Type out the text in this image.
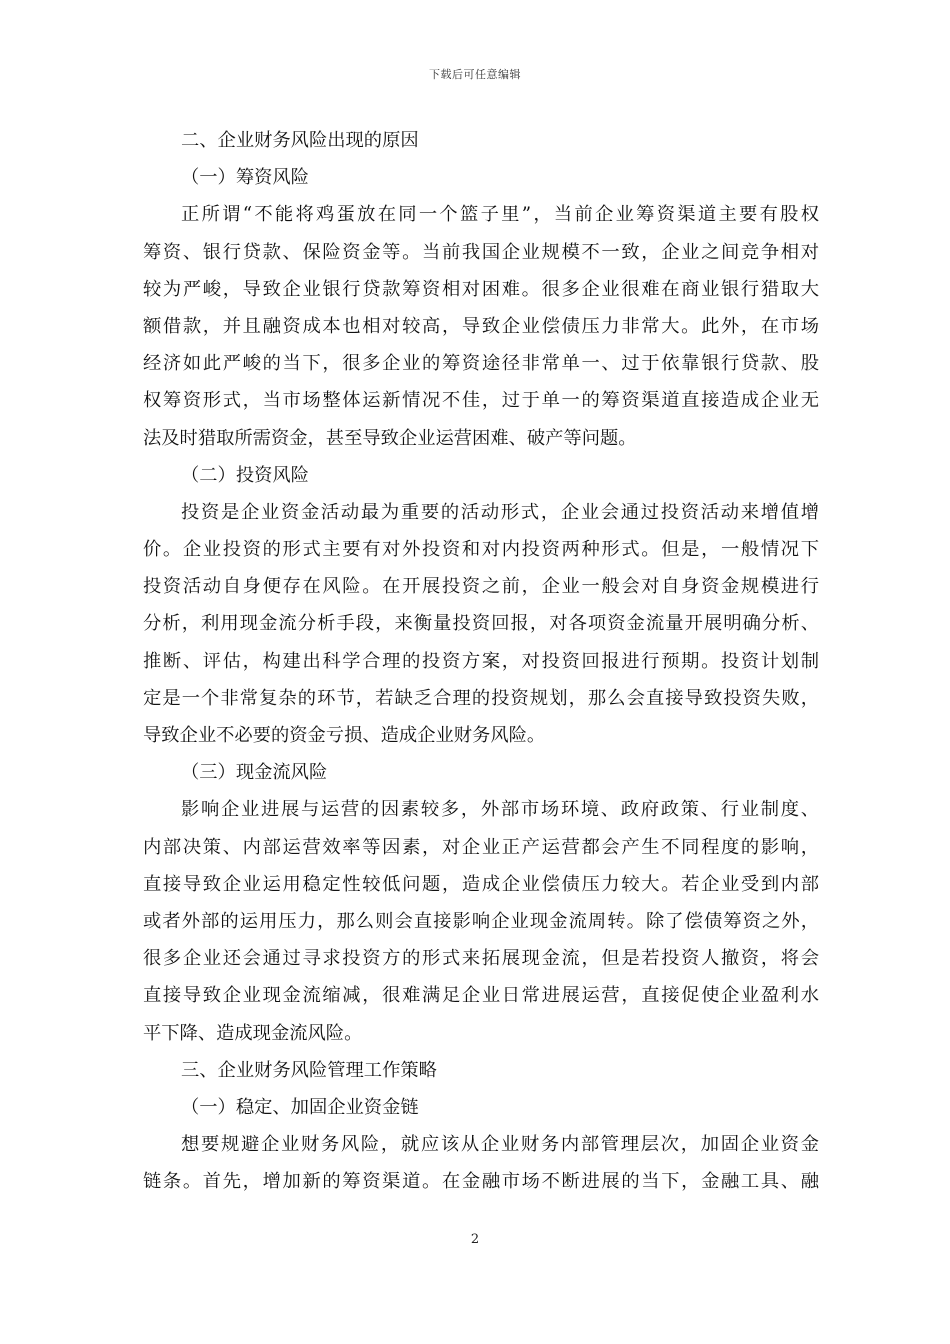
下载后可任意编辑
二、企业财务风险出现的原因
（一）筹资风险
正所谓“不能将鸡蛋放在同一个篮子里”，当前企业筹资渠道主要有股权
筹资、银行贷款、保险资金等。当前我国企业规模不一致，企业之间竞争相对
较为严峻，导致企业银行贷款筹资相对困难。很多企业很难在商业银行猎取大
额借款，并且融资成本也相对较高，导致企业偿债压力非常大。此外，在市场
经济如此严峻的当下，很多企业的筹资途径非常单一、过于依靠银行贷款、股
权筹资形式，当市场整体运新情况不佳，过于单一的筹资渠道直接造成企业无
法及时猎取所需资金，甚至导致企业运营困难、破产等问题。
（二）投资风险
投资是企业资金活动最为重要的活动形式，企业会通过投资活动来增值增
价。企业投资的形式主要有对外投资和对内投资两种形式。但是，一般情况下
投资活动自身便存在风险。在开展投资之前，企业一般会对自身资金规模进行
分析，利用现金流分析手段，来衡量投资回报，对各项资金流量开展明确分析、
推断、评估，构建出科学合理的投资方案，对投资回报进行预期。投资计划制
定是一个非常复杂的环节，若缺乏合理的投资规划，那么会直接导致投资失败，
导致企业不必要的资金亏损、造成企业财务风险。
（三）现金流风险
影响企业进展与运营的因素较多，外部市场环境、政府政策、行业制度、
内部决策、内部运营效率等因素，对企业正产运营都会产生不同程度的影响，
直接导致企业运用稳定性较低问题，造成企业偿债压力较大。若企业受到内部
或者外部的运用压力，那么则会直接影响企业现金流周转。除了偿债筹资之外，
很多企业还会通过寻求投资方的形式来拓展现金流，但是若投资人撤资，将会
直接导致企业现金流缩减，很难满足企业日常进展运营，直接促使企业盈利水
平下降、造成现金流风险。
三、企业财务风险管理工作策略
（一）稳定、加固企业资金链
想要规避企业财务风险，就应该从企业财务内部管理层次，加固企业资金
链条。首先，增加新的筹资渠道。在金融市场不断进展的当下，金融工具、融
2
